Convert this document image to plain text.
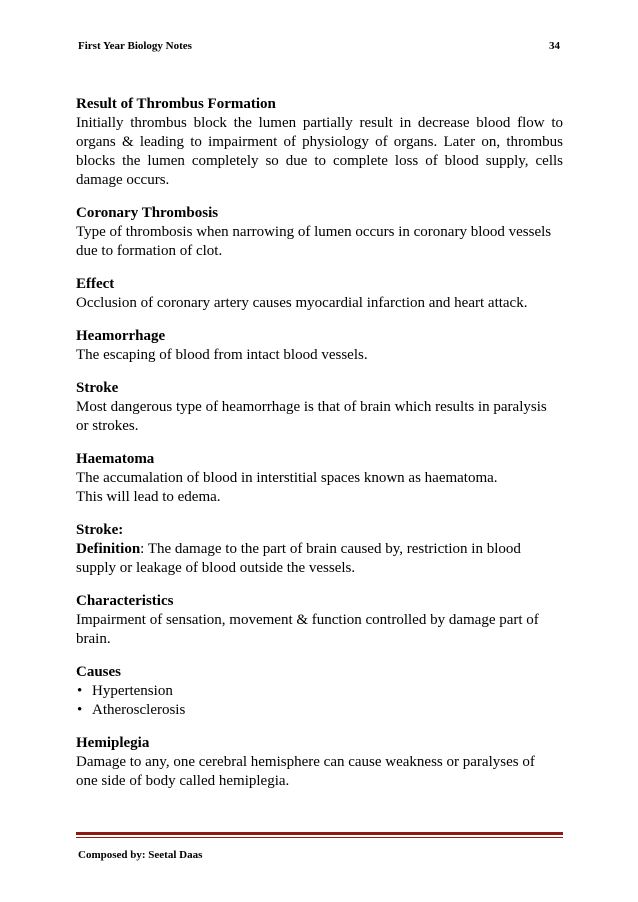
First Year Biology Notes	34
Result of Thrombus Formation

Initially thrombus block the lumen partially result in decrease blood flow to organs & leading to impairment of physiology of organs. Later on, thrombus blocks the lumen completely so due to complete loss of blood supply, cells damage occurs.

Coronary Thrombosis

Type of thrombosis when narrowing of lumen occurs in coronary blood vessels
due to formation of clot.

Effect

Occlusion of coronary artery causes myocardial infarction and heart attack.

Heamorrhage

The escaping of blood from intact blood vessels.

Stroke

Most dangerous type of heamorrhage is that of brain which results in paralysis
or strokes.

Haematoma

The accumalation of blood in interstitial spaces known as haematoma.
This will lead to edema.

Stroke:

Definition: The damage to the part of brain caused by, restriction in blood
supply or leakage of blood outside the vessels.

Characteristics

Impairment of sensation, movement & function controlled by damage part of
brain.

Causes
• Hypertension
• Atherosclerosis
Hemiplegia

Damage to any, one cerebral hemisphere can cause weakness or paralyses of
one side of body called hemiplegia.

Composed by: Seetal Daas
